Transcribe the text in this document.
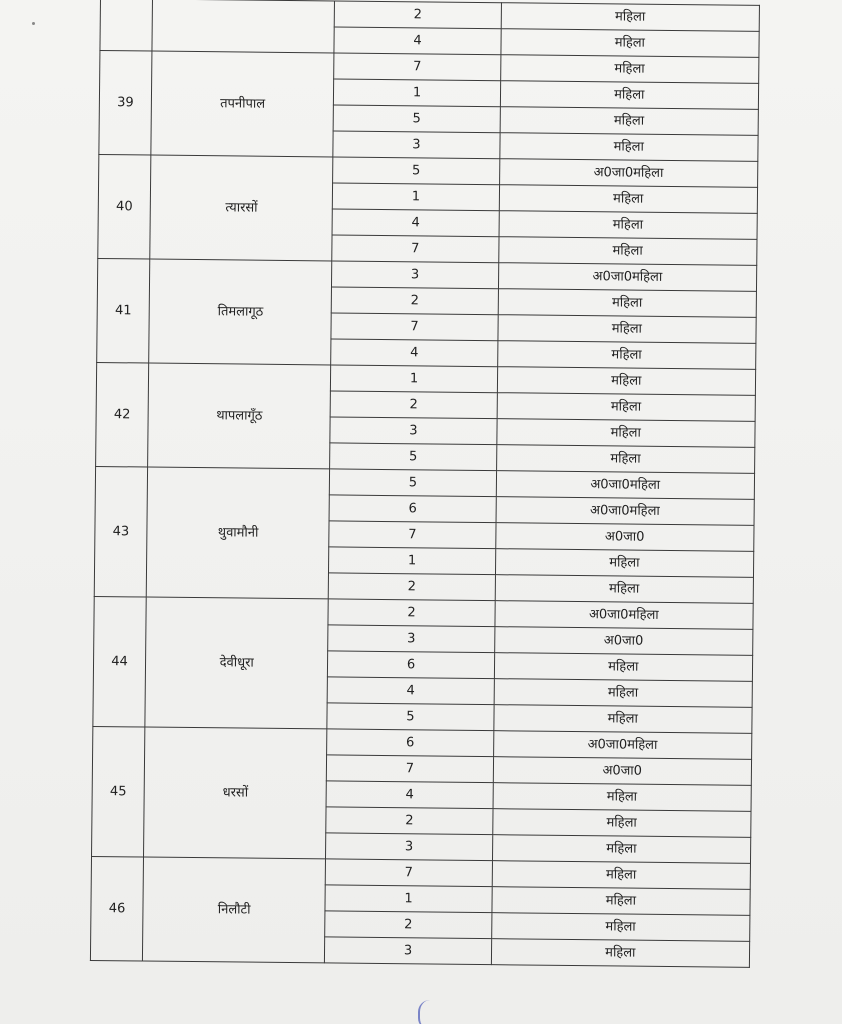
		2	महिला
		4	महिला
39	तपनीपाल	7	महिला
		1	महिला
		5	महिला
		3	महिला
40	त्यारसों	5	अ0जा0महिला
		1	महिला
		4	महिला
		7	महिला
41	तिमलागूठ	3	अ0जा0महिला
		2	महिला
		7	महिला
		4	महिला
42	थापलागूँठ	1	महिला
		2	महिला
		3	महिला
		5	महिला
43	थुवामौनी	5	अ0जा0महिला
		6	अ0जा0महिला
		7	अ0जा0
		1	महिला
		2	महिला
44	देवीधूरा	2	अ0जा0महिला
		3	अ0जा0
		6	महिला
		4	महिला
		5	महिला
45	धरसों	6	अ0जा0महिला
		7	अ0जा0
		4	महिला
		2	महिला
		3	महिला
46	निलौटी	7	महिला
		1	महिला
		2	महिला
		3	महिला
